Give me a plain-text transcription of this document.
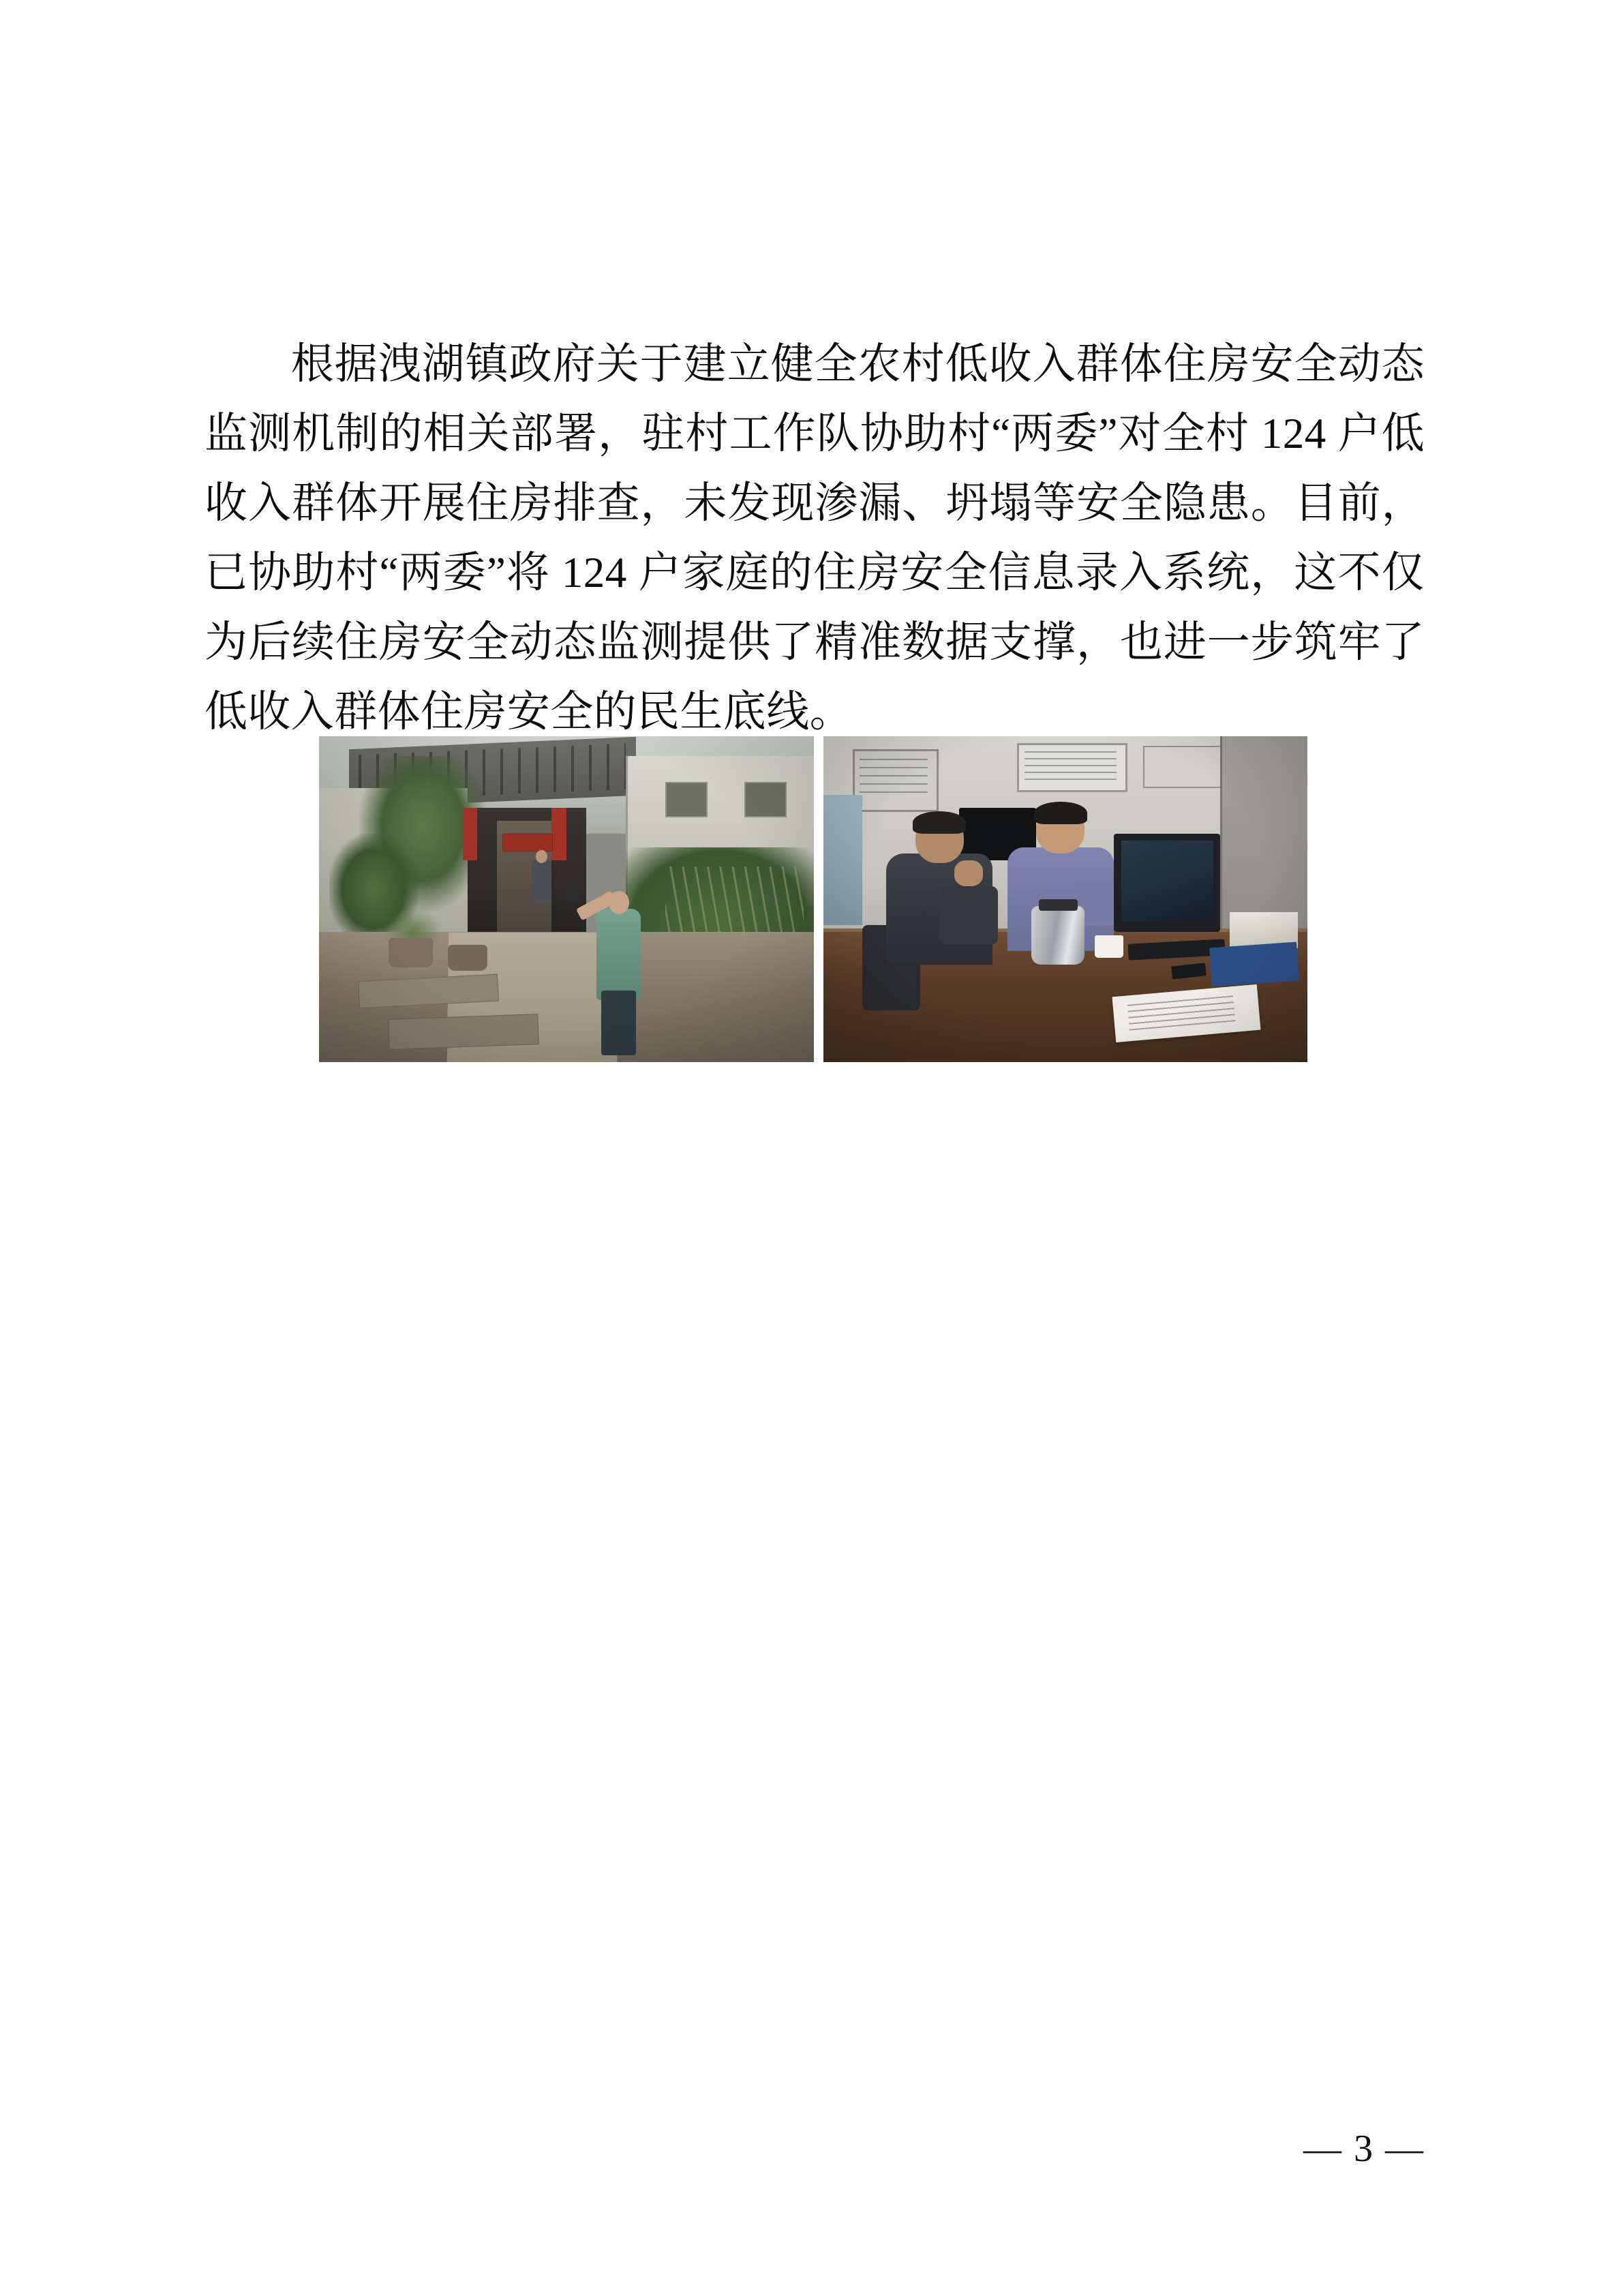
根据洩湖镇政府关于建立健全农村低收入群体住房安全动态监测机制的相关部署，驻村工作队协助村“两委”对全村 124 户低收入群体开展住房排查，未发现渗漏、坍塌等安全隐患。目前，已协助村“两委”将 124 户家庭的住房安全信息录入系统，这不仅为后续住房安全动态监测提供了精准数据支撑，也进一步筑牢了低收入群体住房安全的民生底线。

— 3 —
